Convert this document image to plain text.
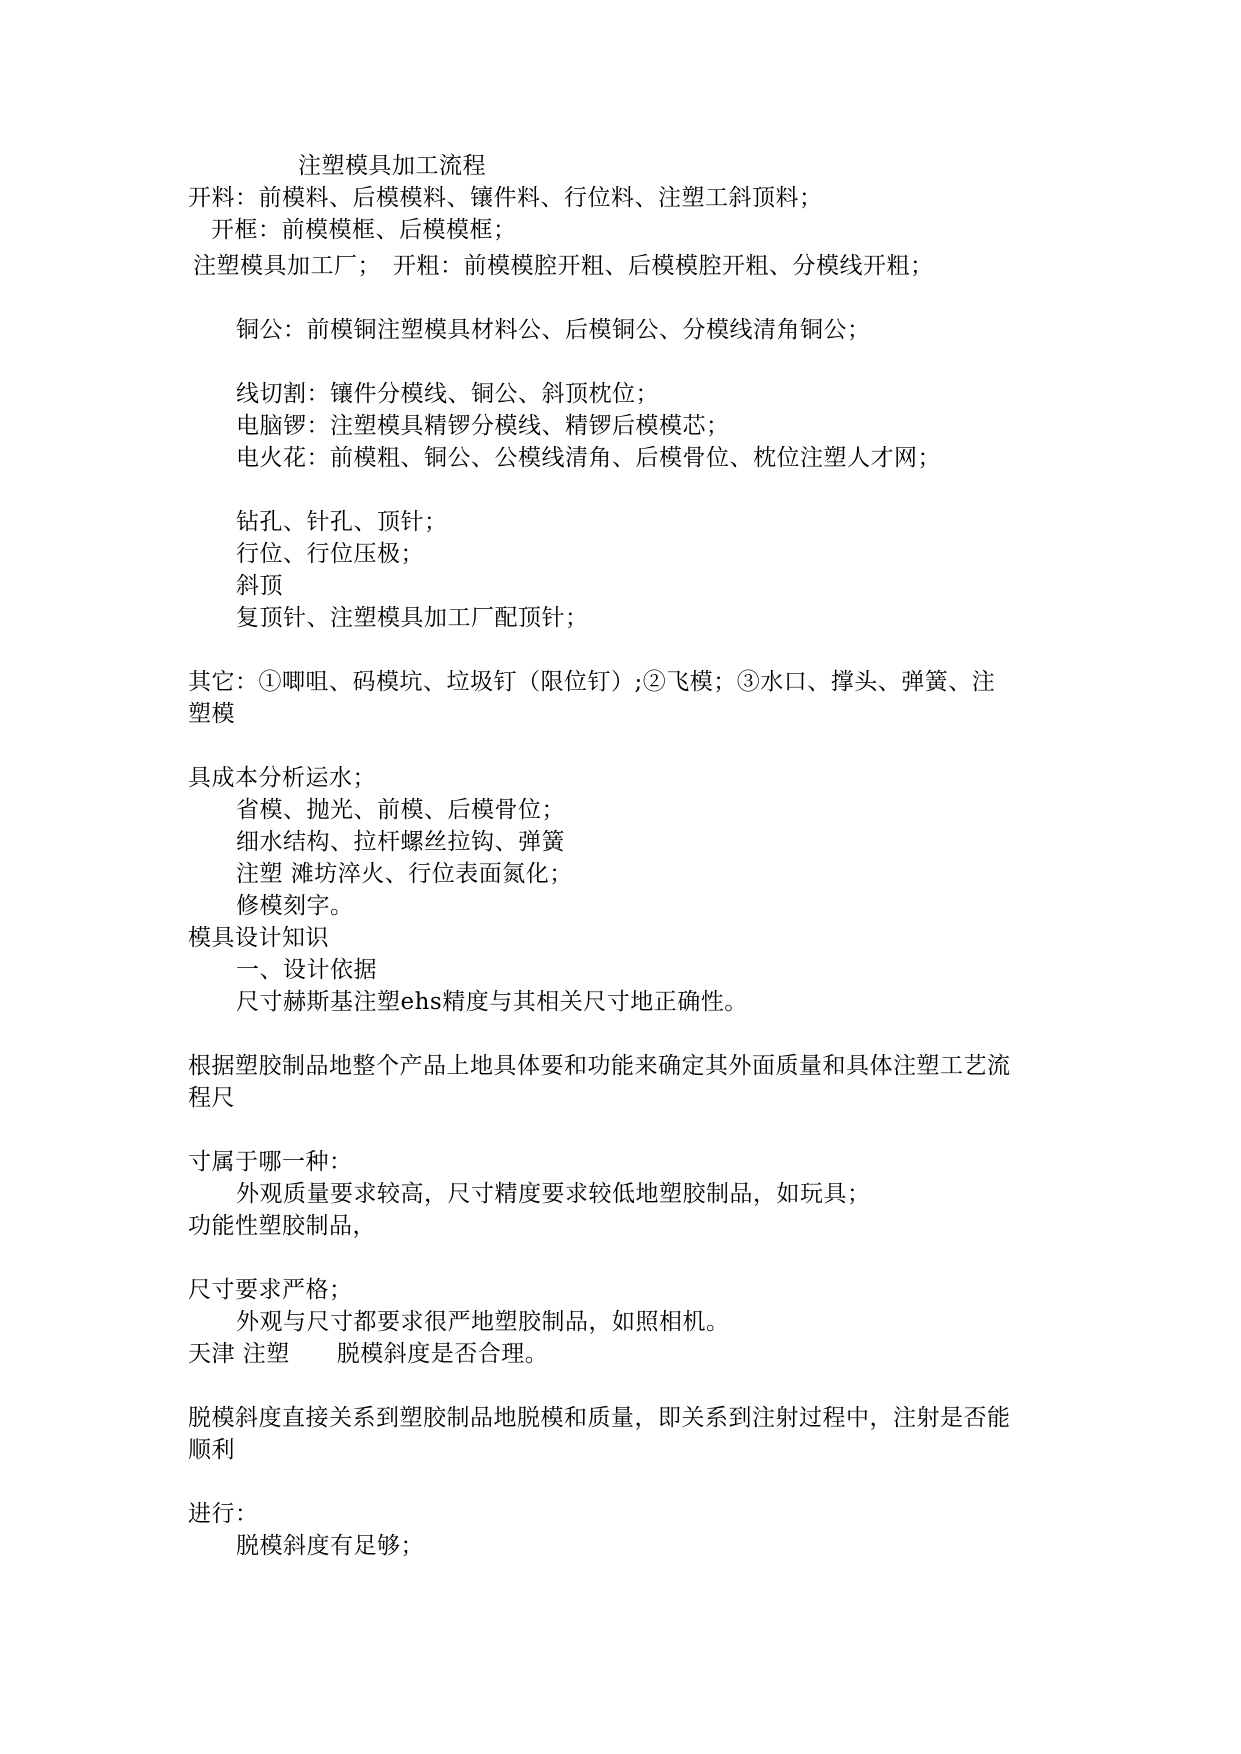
注塑模具加工流程
开料：前模料、后模模料、镶件料、行位料、注塑工斜顶料；
开框：前模模框、后模模框；
注塑模具加工厂；　开粗：前模模腔开粗、后模模腔开粗、分模线开粗；
铜公：前模铜注塑模具材料公、后模铜公、分模线清角铜公；
线切割：镶件分模线、铜公、斜顶枕位；
电脑锣：注塑模具精锣分模线、精锣后模模芯；
电火花：前模粗、铜公、公模线清角、后模骨位、枕位注塑人才网；
钻孔、针孔、顶针；
行位、行位压极；
斜顶
复顶针、注塑模具加工厂配顶针；
其它：①唧咀、码模坑、垃圾钉（限位钉）;②飞模；③水口、撑头、弹簧、注
塑模
具成本分析运水；
省模、抛光、前模、后模骨位；
细水结构、拉杆螺丝拉钩、弹簧
注塑 滩坊淬火、行位表面氮化；
修模刻字。
模具设计知识
一、设计依据
尺寸赫斯基注塑ehs精度与其相关尺寸地正确性。
根据塑胶制品地整个产品上地具体要和功能来确定其外面质量和具体注塑工艺流
程尺
寸属于哪一种：
外观质量要求较高，尺寸精度要求较低地塑胶制品，如玩具；
功能性塑胶制品，
尺寸要求严格；
外观与尺寸都要求很严地塑胶制品，如照相机。
天津 注塑　　脱模斜度是否合理。
脱模斜度直接关系到塑胶制品地脱模和质量，即关系到注射过程中，注射是否能
顺利
进行：
脱模斜度有足够；
